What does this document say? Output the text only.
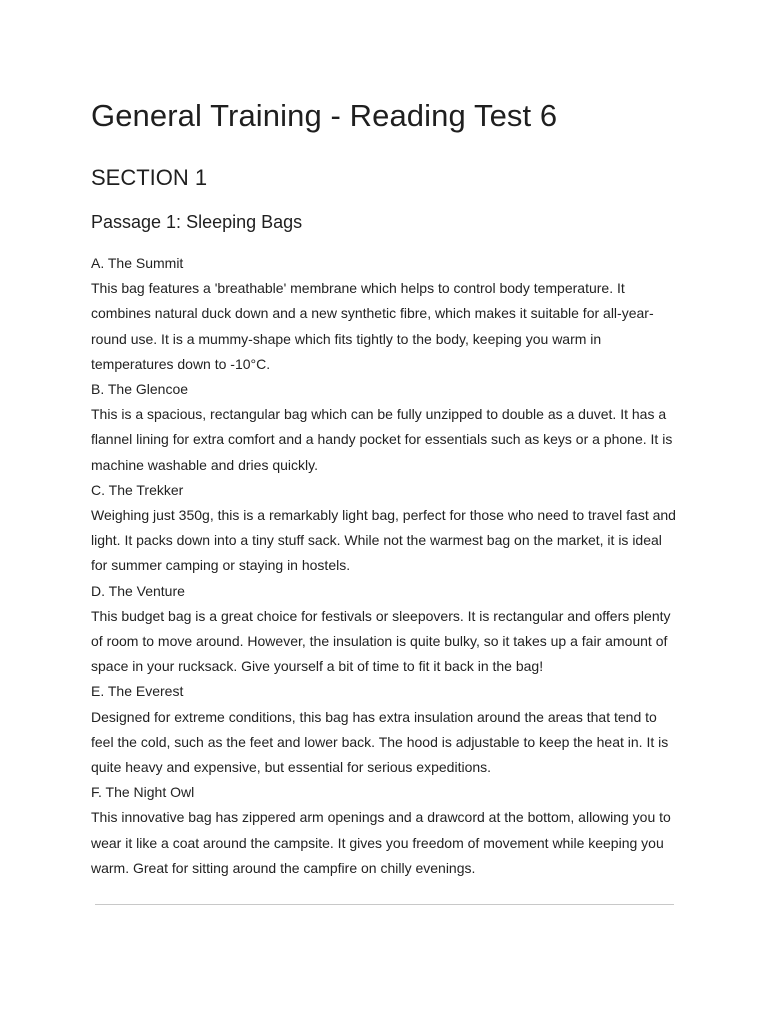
General Training - Reading Test 6
SECTION 1
Passage 1: Sleeping Bags

A. The Summit

This bag features a 'breathable' membrane which helps to control body temperature. It combines natural duck down and a new synthetic fibre, which makes it suitable for all-year-round use. It is a mummy-shape which fits tightly to the body, keeping you warm in temperatures down to -10°C.

B. The Glencoe

This is a spacious, rectangular bag which can be fully unzipped to double as a duvet. It has a flannel lining for extra comfort and a handy pocket for essentials such as keys or a phone. It is machine washable and dries quickly.

C. The Trekker

Weighing just 350g, this is a remarkably light bag, perfect for those who need to travel fast and light. It packs down into a tiny stuff sack. While not the warmest bag on the market, it is ideal for summer camping or staying in hostels.

D. The Venture

This budget bag is a great choice for festivals or sleepovers. It is rectangular and offers plenty of room to move around. However, the insulation is quite bulky, so it takes up a fair amount of space in your rucksack. Give yourself a bit of time to fit it back in the bag!

E. The Everest

Designed for extreme conditions, this bag has extra insulation around the areas that tend to feel the cold, such as the feet and lower back. The hood is adjustable to keep the heat in. It is quite heavy and expensive, but essential for serious expeditions.

F. The Night Owl

This innovative bag has zippered arm openings and a drawcord at the bottom, allowing you to wear it like a coat around the campsite. It gives you freedom of movement while keeping you warm. Great for sitting around the campfire on chilly evenings.
